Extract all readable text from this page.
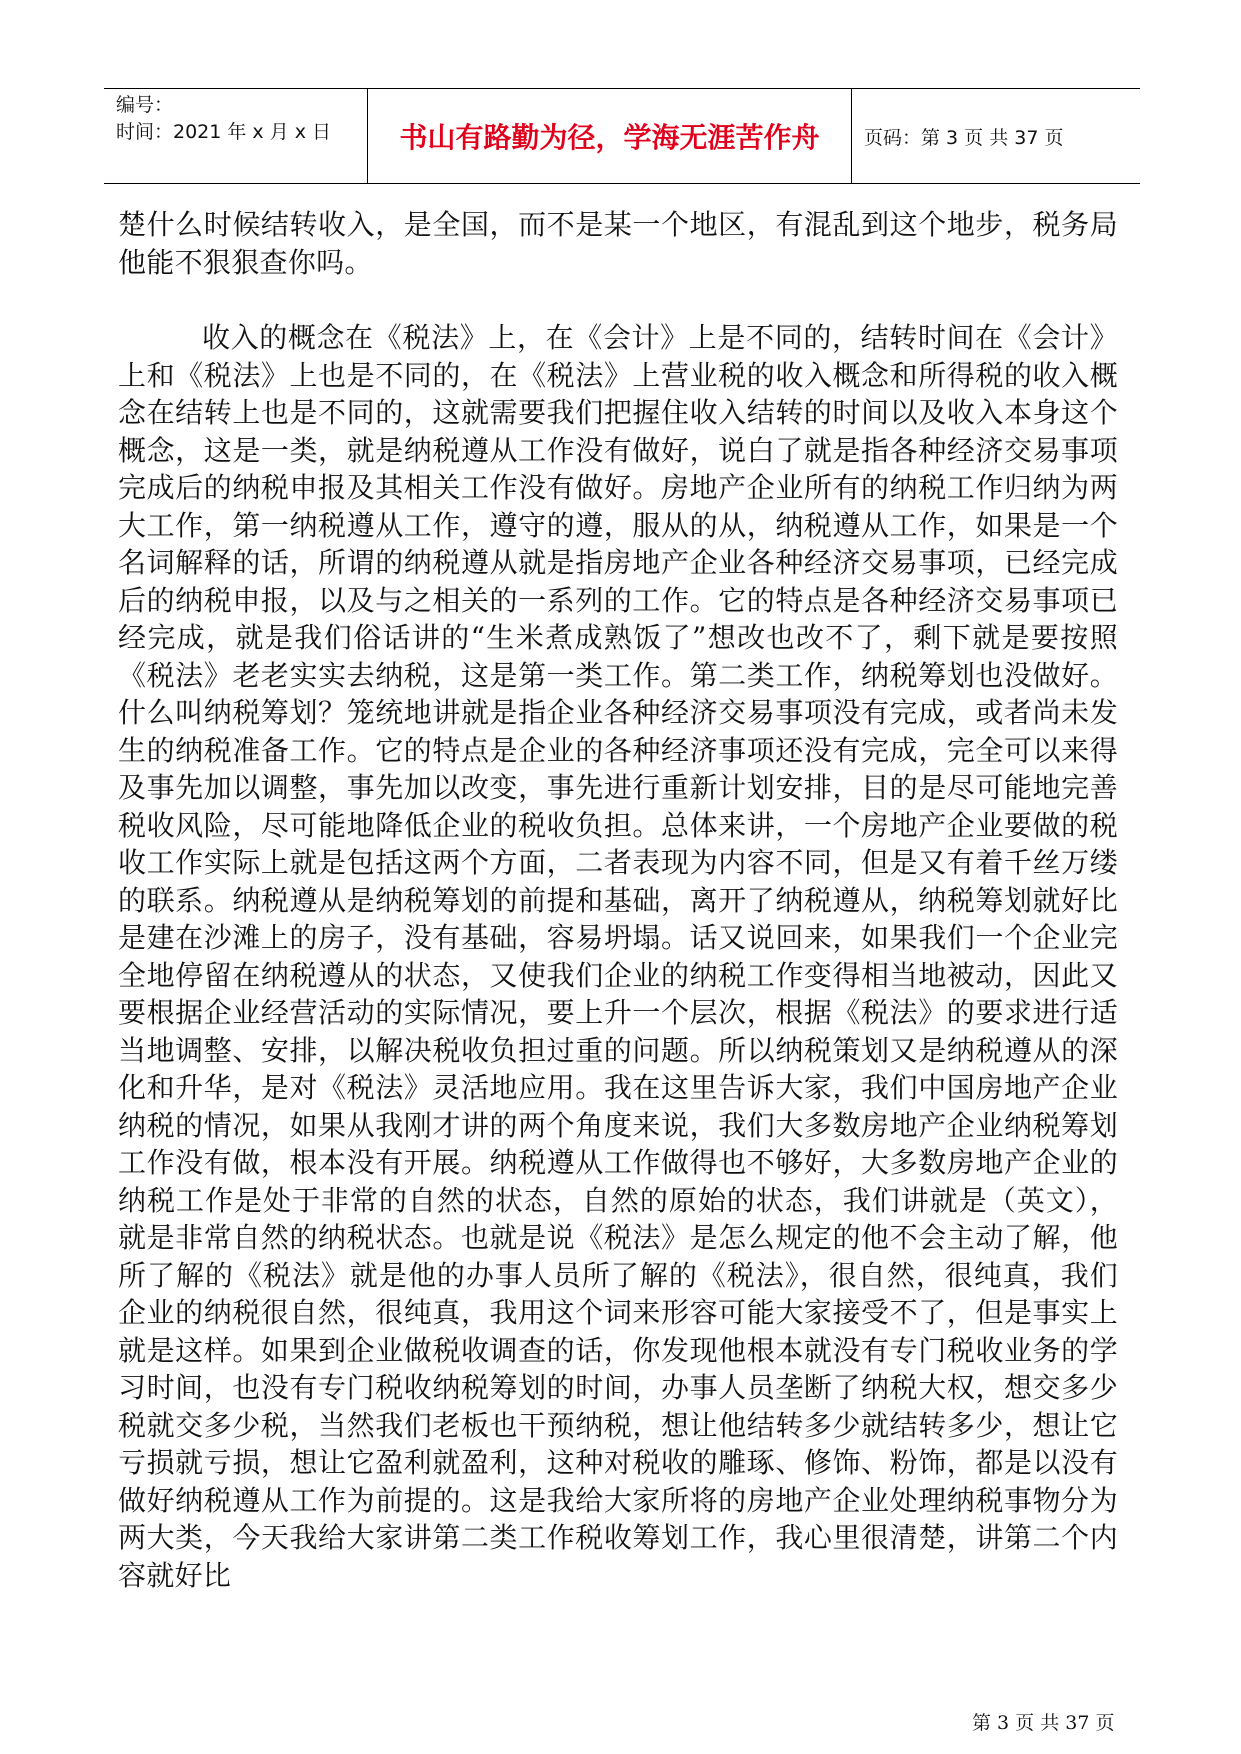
编号：
时间：2021 年 x 月 x 日	书山有路勤为径，学海无涯苦作舟	页码：第 3 页 共 37 页

楚什么时候结转收入，是全国，而不是某一个地区，有混乱到这个地步，税务局他能不狠狠查你吗。

收入的概念在《税法》上，在《会计》上是不同的，结转时间在《会计》上和《税法》上也是不同的，在《税法》上营业税的收入概念和所得税的收入概念在结转上也是不同的，这就需要我们把握住收入结转的时间以及收入本身这个概念，这是一类，就是纳税遵从工作没有做好，说白了就是指各种经济交易事项完成后的纳税申报及其相关工作没有做好。房地产企业所有的纳税工作归纳为两大工作，第一纳税遵从工作，遵守的遵，服从的从，纳税遵从工作，如果是一个名词解释的话，所谓的纳税遵从就是指房地产企业各种经济交易事项，已经完成后的纳税申报，以及与之相关的一系列的工作。它的特点是各种经济交易事项已经完成，就是我们俗话讲的“生米煮成熟饭了”想改也改不了，剩下就是要按照《税法》老老实实去纳税，这是第一类工作。第二类工作，纳税筹划也没做好。什么叫纳税筹划？笼统地讲就是指企业各种经济交易事项没有完成，或者尚未发生的纳税准备工作。它的特点是企业的各种经济事项还没有完成，完全可以来得及事先加以调整，事先加以改变，事先进行重新计划安排，目的是尽可能地完善税收风险，尽可能地降低企业的税收负担。总体来讲，一个房地产企业要做的税收工作实际上就是包括这两个方面，二者表现为内容不同，但是又有着千丝万缕的联系。纳税遵从是纳税筹划的前提和基础，离开了纳税遵从，纳税筹划就好比是建在沙滩上的房子，没有基础，容易坍塌。话又说回来，如果我们一个企业完全地停留在纳税遵从的状态，又使我们企业的纳税工作变得相当地被动，因此又要根据企业经营活动的实际情况，要上升一个层次，根据《税法》的要求进行适当地调整、安排，以解决税收负担过重的问题。所以纳税策划又是纳税遵从的深化和升华，是对《税法》灵活地应用。我在这里告诉大家，我们中国房地产企业纳税的情况，如果从我刚才讲的两个角度来说，我们大多数房地产企业纳税筹划工作没有做，根本没有开展。纳税遵从工作做得也不够好，大多数房地产企业的纳税工作是处于非常的自然的状态，自然的原始的状态，我们讲就是（英文），就是非常自然的纳税状态。也就是说《税法》是怎么规定的他不会主动了解，他所了解的《税法》就是他的办事人员所了解的《税法》，很自然，很纯真，我们企业的纳税很自然，很纯真，我用这个词来形容可能大家接受不了，但是事实上就是这样。如果到企业做税收调查的话，你发现他根本就没有专门税收业务的学习时间，也没有专门税收纳税筹划的时间，办事人员垄断了纳税大权，想交多少税就交多少税，当然我们老板也干预纳税，想让他结转多少就结转多少，想让它亏损就亏损，想让它盈利就盈利，这种对税收的雕琢、修饰、粉饰，都是以没有做好纳税遵从工作为前提的。这是我给大家所将的房地产企业处理纳税事物分为两大类，今天我给大家讲第二类工作税收筹划工作，我心里很清楚，讲第二个内容就好比

第 3 页 共 37 页
